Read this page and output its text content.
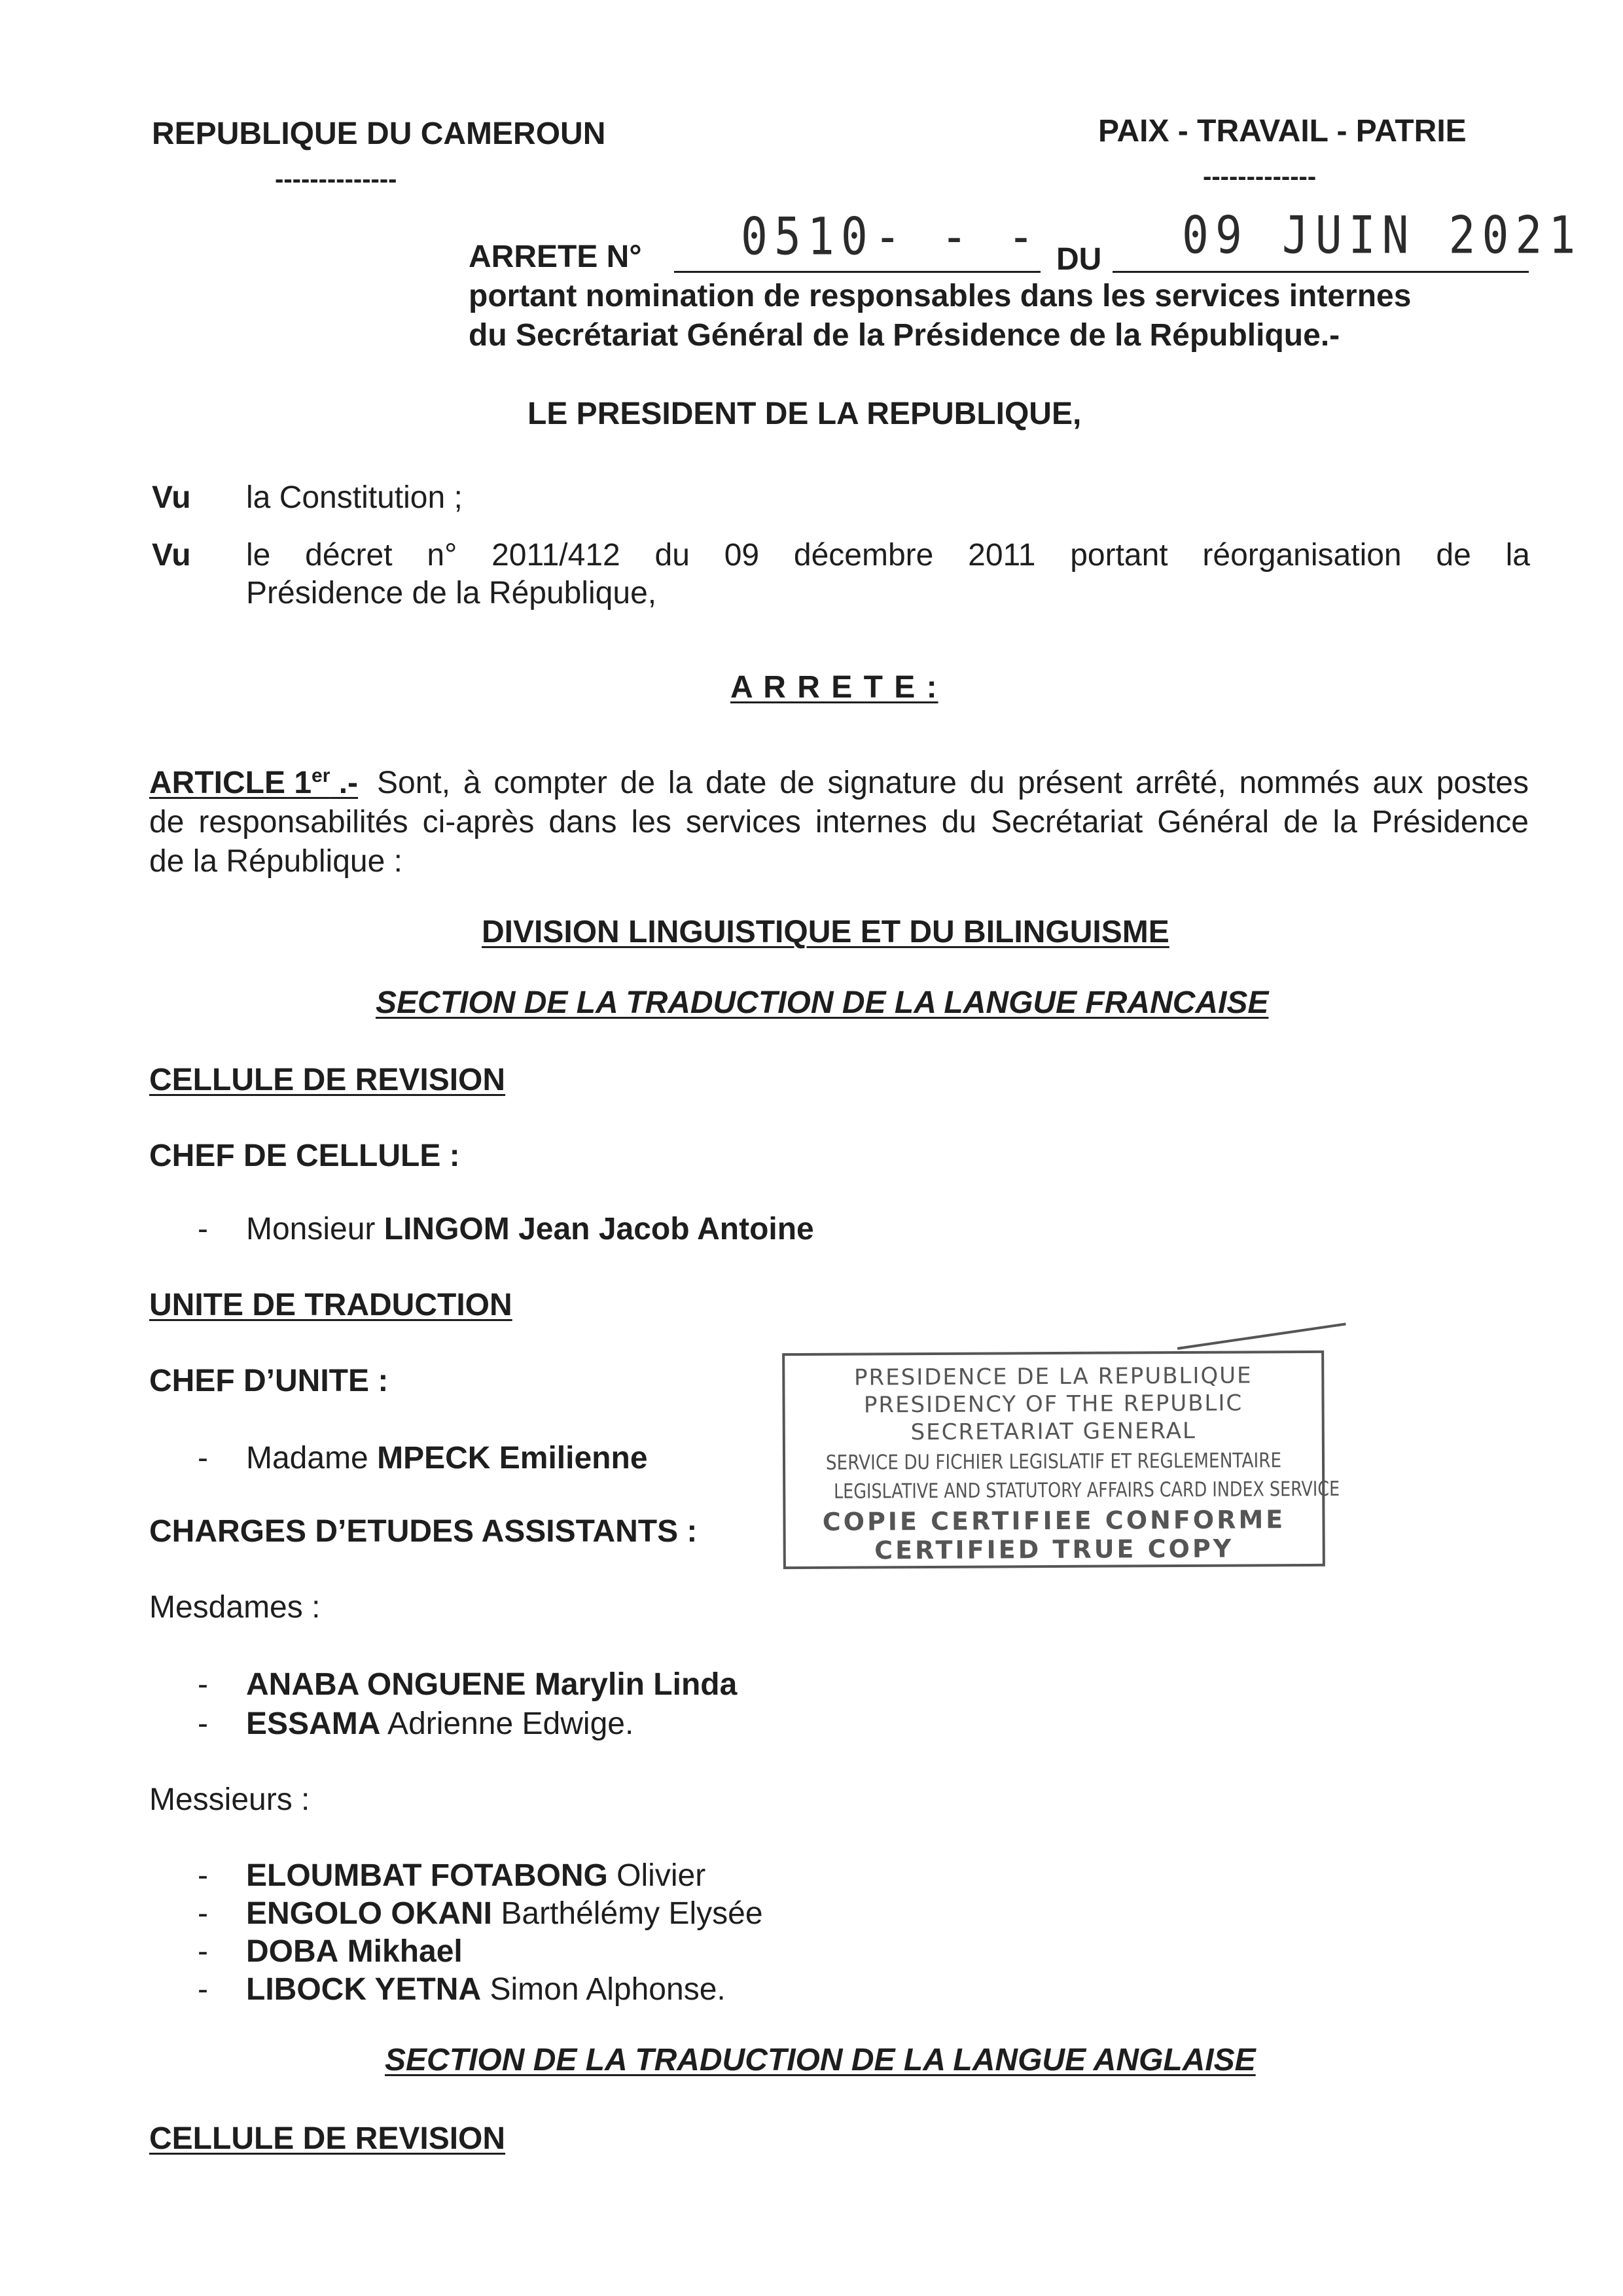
REPUBLIQUE DU CAMEROUN
--------------
PAIX - TRAVAIL - PATRIE
-------------
ARRETE N° 0510- - - DU 09 JUIN 2021
portant nomination de responsables dans les services internes
du Secrétariat Général de la Présidence de la République.-
LE PRESIDENT DE LA REPUBLIQUE,
Vu la Constitution ;
Vu le décret n° 2011/412 du 09 décembre 2011 portant réorganisation de la
Présidence de la République,
A R R E T E :
ARTICLE 1er .- Sont, à compter de la date de signature du présent arrêté, nommés aux postes
de responsabilités ci-après dans les services internes du Secrétariat Général de la Présidence
de la République :
DIVISION LINGUISTIQUE ET DU BILINGUISME
SECTION DE LA TRADUCTION DE LA LANGUE FRANCAISE
CELLULE DE REVISION
CHEF DE CELLULE :
- Monsieur LINGOM Jean Jacob Antoine
UNITE DE TRADUCTION
CHEF D’UNITE :
- Madame MPECK Emilienne
CHARGES D’ETUDES ASSISTANTS :
Mesdames :
- ANABA ONGUENE Marylin Linda
- ESSAMA Adrienne Edwige.
Messieurs :
- ELOUMBAT FOTABONG Olivier
- ENGOLO OKANI Barthélémy Elysée
- DOBA Mikhael
- LIBOCK YETNA Simon Alphonse.
SECTION DE LA TRADUCTION DE LA LANGUE ANGLAISE
CELLULE DE REVISION
PRESIDENCE DE LA REPUBLIQUE
PRESIDENCY OF THE REPUBLIC
SECRETARIAT GENERAL
SERVICE DU FICHIER LEGISLATIF ET REGLEMENTAIRE
LEGISLATIVE AND STATUTORY AFFAIRS CARD INDEX SERVICE
COPIE CERTIFIEE CONFORME
CERTIFIED TRUE COPY
